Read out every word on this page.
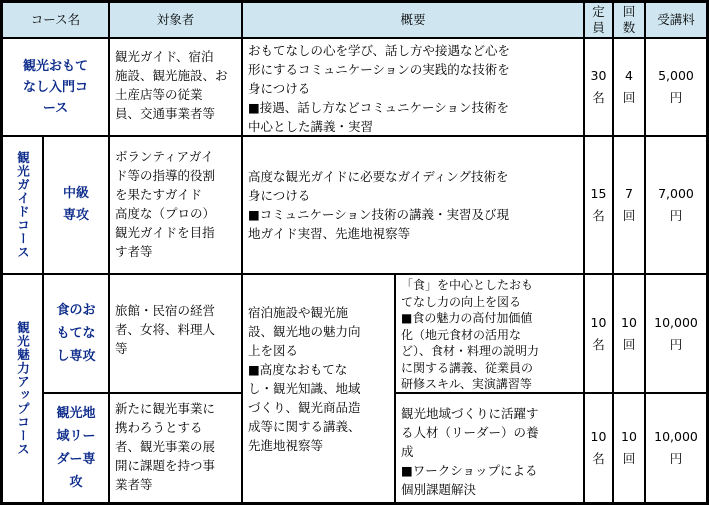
コース名	対象者	概要
定
員
回
数
受講料
観光おもて
なし入門コ
ース
観光ガイド、宿泊
施設、観光施設、お
土産店等の従業
員、交通事業者等
おもてなしの心を学び、話し方や接遇など心を
形にするコミュニケーションの実践的な技術を
身につける
■接遇、話し方などコミュニケーション技術を
中心とした講義・実習
30
名
4
回
5,000
円
観光ガイドコース 中級
専攻
ボランティアガイ
ド等の指導的役割
を果たすガイド
高度な（プロの）
観光ガイドを目指
す者等
高度な観光ガイドに必要なガイディング技術を
身につける
■コミュニケーション技術の講義・実習及び現
地ガイド実習、先進地視察等
15
名
7
回
7,000
円
観光魅力アップコース
食のお
もてな
し専攻
旅館・民宿の経営
者、女将、料理人
等
宿泊施設や観光施
設、観光地の魅力向
上を図る
■高度なおもてな
し・観光知識、地域
づくり、観光商品造
成等に関する講義、
先進地視察等
「食」を中心としたおも
てなし力の向上を図る
■食の魅力の高付加価値
化（地元食材の活用な
ど）、食材・料理の説明力
に関する講義、従業員の
研修スキル、実演講習等
10
名
10
回
10,000
円
観光地
域リー
ダー専
攻
新たに観光事業に
携わろうとする
者、観光事業の展
開に課題を持つ事
業者等
観光地域づくりに活躍す
る人材（リーダー）の養
成
■ワークショップによる
個別課題解決
10
名
10
回
10,000
円
